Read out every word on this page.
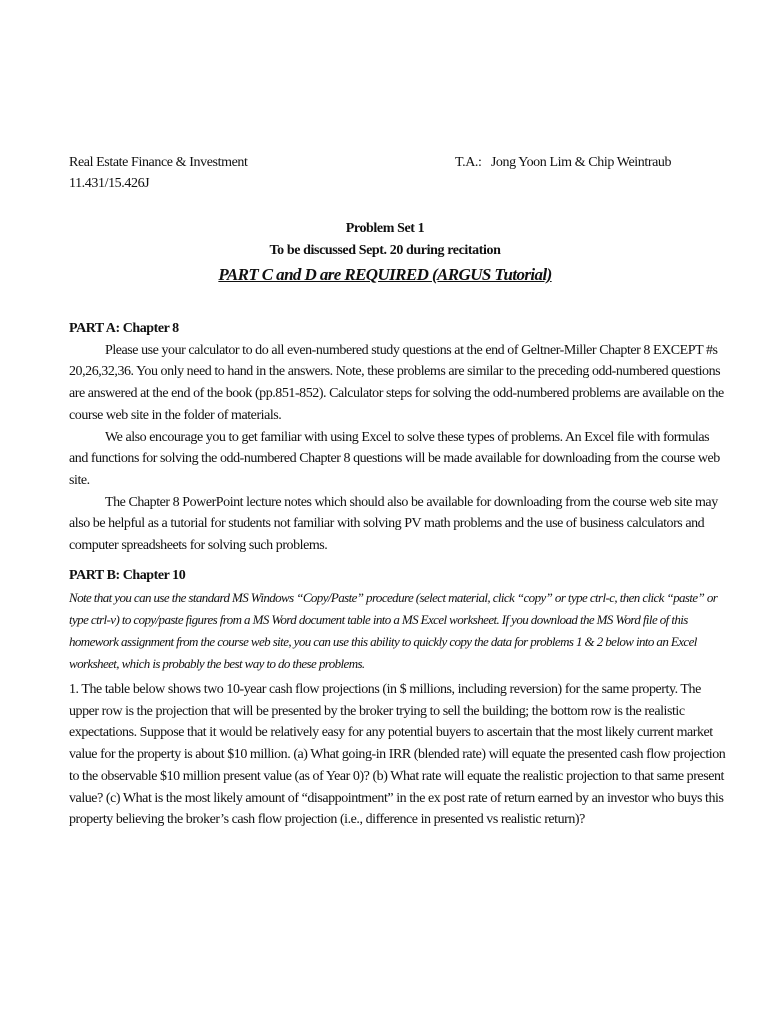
Real Estate Finance & Investment
11.431/15.426J
T.A.: Jong Yoon Lim & Chip Weintraub
Problem Set 1
To be discussed Sept. 20 during recitation
PART C and D are REQUIRED (ARGUS Tutorial)

PART A: Chapter 8

Please use your calculator to do all even-numbered study questions at the end of Geltner-Miller Chapter 8 EXCEPT #s 20,26,32,36. You only need to hand in the answers. Note, these problems are similar to the preceding odd-numbered questions are answered at the end of the book (pp.851-852). Calculator steps for solving the odd-numbered problems are available on the course web site in the folder of materials.

We also encourage you to get familiar with using Excel to solve these types of problems. An Excel file with formulas and functions for solving the odd-numbered Chapter 8 questions will be made available for downloading from the course web site.

The Chapter 8 PowerPoint lecture notes which should also be available for downloading from the course web site may also be helpful as a tutorial for students not familiar with solving PV math problems and the use of business calculators and computer spreadsheets for solving such problems.

PART B: Chapter 10

Note that you can use the standard MS Windows “Copy/Paste” procedure (select material, click “copy” or type ctrl-c, then click “paste” or type ctrl-v) to copy/paste figures from a MS Word document table into a MS Excel worksheet. If you download the MS Word file of this homework assignment from the course web site, you can use this ability to quickly copy the data for problems 1 & 2 below into an Excel worksheet, which is probably the best way to do these problems.

1. The table below shows two 10-year cash flow projections (in $ millions, including reversion) for the same property. The upper row is the projection that will be presented by the broker trying to sell the building; the bottom row is the realistic expectations. Suppose that it would be relatively easy for any potential buyers to ascertain that the most likely current market value for the property is about $10 million. (a) What going-in IRR (blended rate) will equate the presented cash flow projection to the observable $10 million present value (as of Year 0)? (b) What rate will equate the realistic projection to that same present value? (c) What is the most likely amount of “disappointment” in the ex post rate of return earned by an investor who buys this property believing the broker’s cash flow projection (i.e., difference in presented vs realistic return)?
